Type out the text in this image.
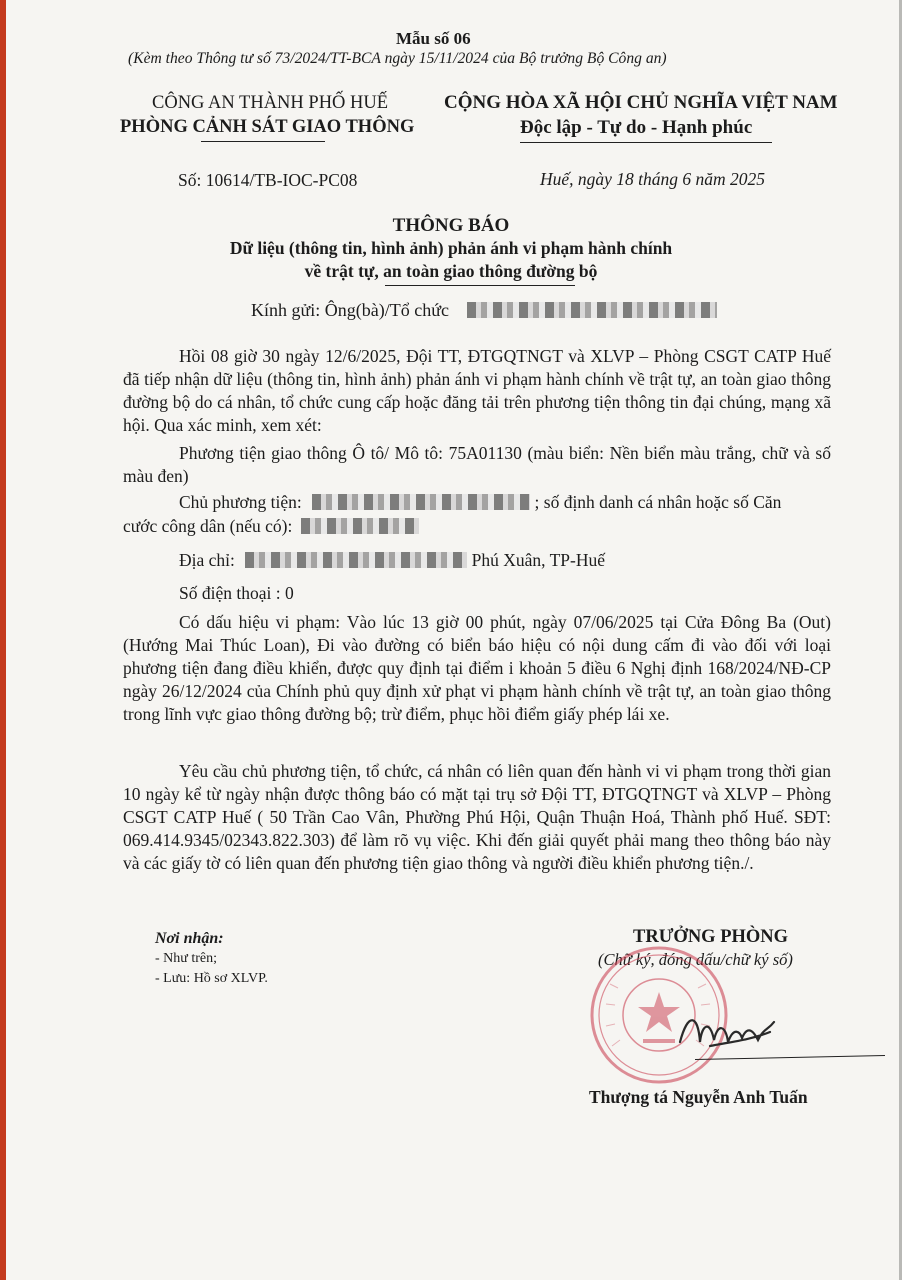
Mẫu số 06
(Kèm theo Thông tư số 73/2024/TT-BCA ngày 15/11/2024 của Bộ trưởng Bộ Công an)
CÔNG AN THÀNH PHỐ HUẾ
PHÒNG CẢNH SÁT GIAO THÔNG
CỘNG HÒA XÃ HỘI CHỦ NGHĨA VIỆT NAM
Độc lập - Tự do - Hạnh phúc
Số: 10614/TB-IOC-PC08	Huế, ngày 18 tháng 6 năm 2025
THÔNG BÁO
Dữ liệu (thông tin, hình ảnh) phản ánh vi phạm hành chính
về trật tự, an toàn giao thông đường bộ
Kính gửi: Ông(bà)/Tổ chức
Hồi 08 giờ 30 ngày 12/6/2025, Đội TT, ĐTGQTNGT và XLVP – Phòng CSGT CATP Huế đã tiếp nhận dữ liệu (thông tin, hình ảnh) phản ánh vi phạm hành chính về trật tự, an toàn giao thông đường bộ do cá nhân, tổ chức cung cấp hoặc đăng tải trên phương tiện thông tin đại chúng, mạng xã hội. Qua xác minh, xem xét:
Phương tiện giao thông Ô tô/ Mô tô: 75A01130 (màu biển: Nền biển màu trắng, chữ và số màu đen)
Chủ phương tiện:	; số định danh cá nhân hoặc số Căn
cước công dân (nếu có):
Địa chỉ:	Phú Xuân, TP-Huế
Số điện thoại : 0
Có dấu hiệu vi phạm: Vào lúc 13 giờ 00 phút, ngày 07/06/2025 tại Cửa Đông Ba (Out) (Hướng Mai Thúc Loan), Đi vào đường có biển báo hiệu có nội dung cấm đi vào đối với loại phương tiện đang điều khiển, được quy định tại điểm i khoản 5 điều 6 Nghị định 168/2024/NĐ-CP ngày 26/12/2024 của Chính phủ quy định xử phạt vi phạm hành chính về trật tự, an toàn giao thông trong lĩnh vực giao thông đường bộ; trừ điểm, phục hồi điểm giấy phép lái xe.
Yêu cầu chủ phương tiện, tổ chức, cá nhân có liên quan đến hành vi vi phạm trong thời gian 10 ngày kể từ ngày nhận được thông báo có mặt tại trụ sở Đội TT, ĐTGQTNGT và XLVP – Phòng CSGT CATP Huế ( 50 Trần Cao Vân, Phường Phú Hội, Quận Thuận Hoá, Thành phố Huế. SĐT: 069.414.9345/02343.822.303) để làm rõ vụ việc. Khi đến giải quyết phải mang theo thông báo này và các giấy tờ có liên quan đến phương tiện giao thông và người điều khiển phương tiện./.
Nơi nhận:
- Như trên;
- Lưu: Hồ sơ XLVP.
TRƯỞNG PHÒNG
(Chữ ký, đóng dấu/chữ ký số)
Thượng tá Nguyễn Anh Tuấn
